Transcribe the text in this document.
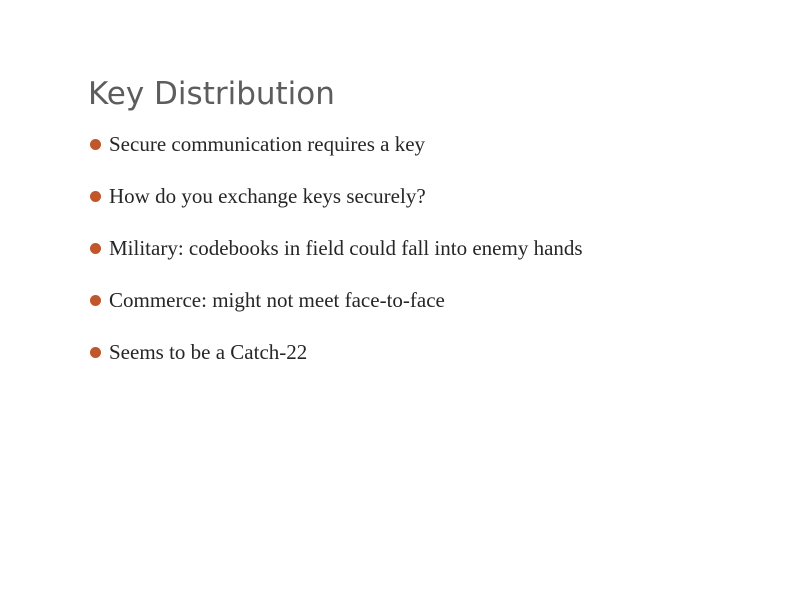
Key Distribution
Secure communication requires a key
How do you exchange keys securely?
Military: codebooks in field could fall into enemy hands
Commerce: might not meet face-to-face
Seems to be a Catch-22
